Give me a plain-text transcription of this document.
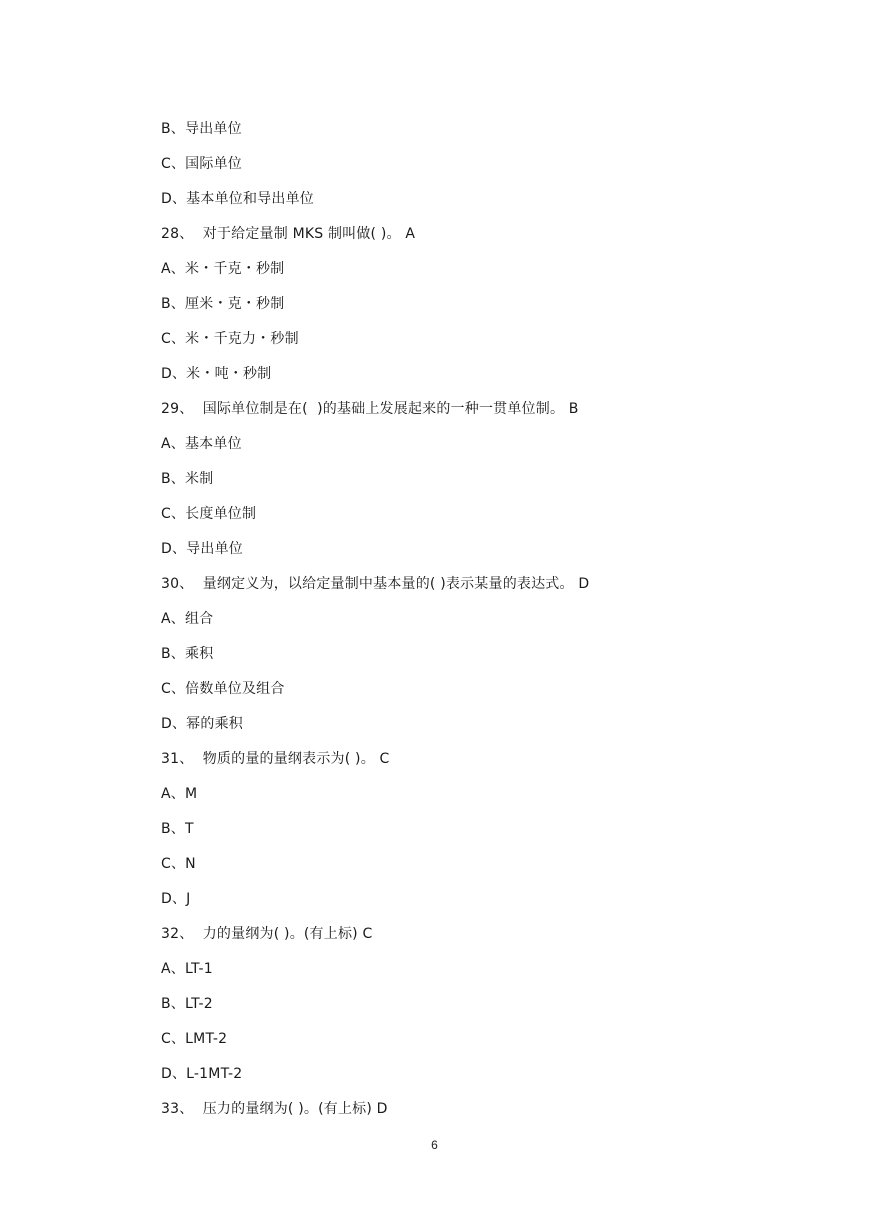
B、导出单位
C、国际单位
D、基本单位和导出单位
28、  对于给定量制 MKS 制叫做( )。 A
A、米・千克・秒制
B、厘米・克・秒制
C、米・千克力・秒制
D、米・吨・秒制
29、  国际单位制是在(  )的基础上发展起来的一种一贯单位制。 B
A、基本单位
B、米制
C、长度单位制
D、导出单位
30、  量纲定义为，以给定量制中基本量的( )表示某量的表达式。 D
A、组合
B、乘积
C、倍数单位及组合
D、幂的乘积
31、  物质的量的量纲表示为( )。 C
A、M
B、T
C、N
D、J
32、  力的量纲为( )。(有上标) C
A、LT-1
B、LT-2
C、LMT-2
D、L-1MT-2
33、  压力的量纲为( )。(有上标) D
6
